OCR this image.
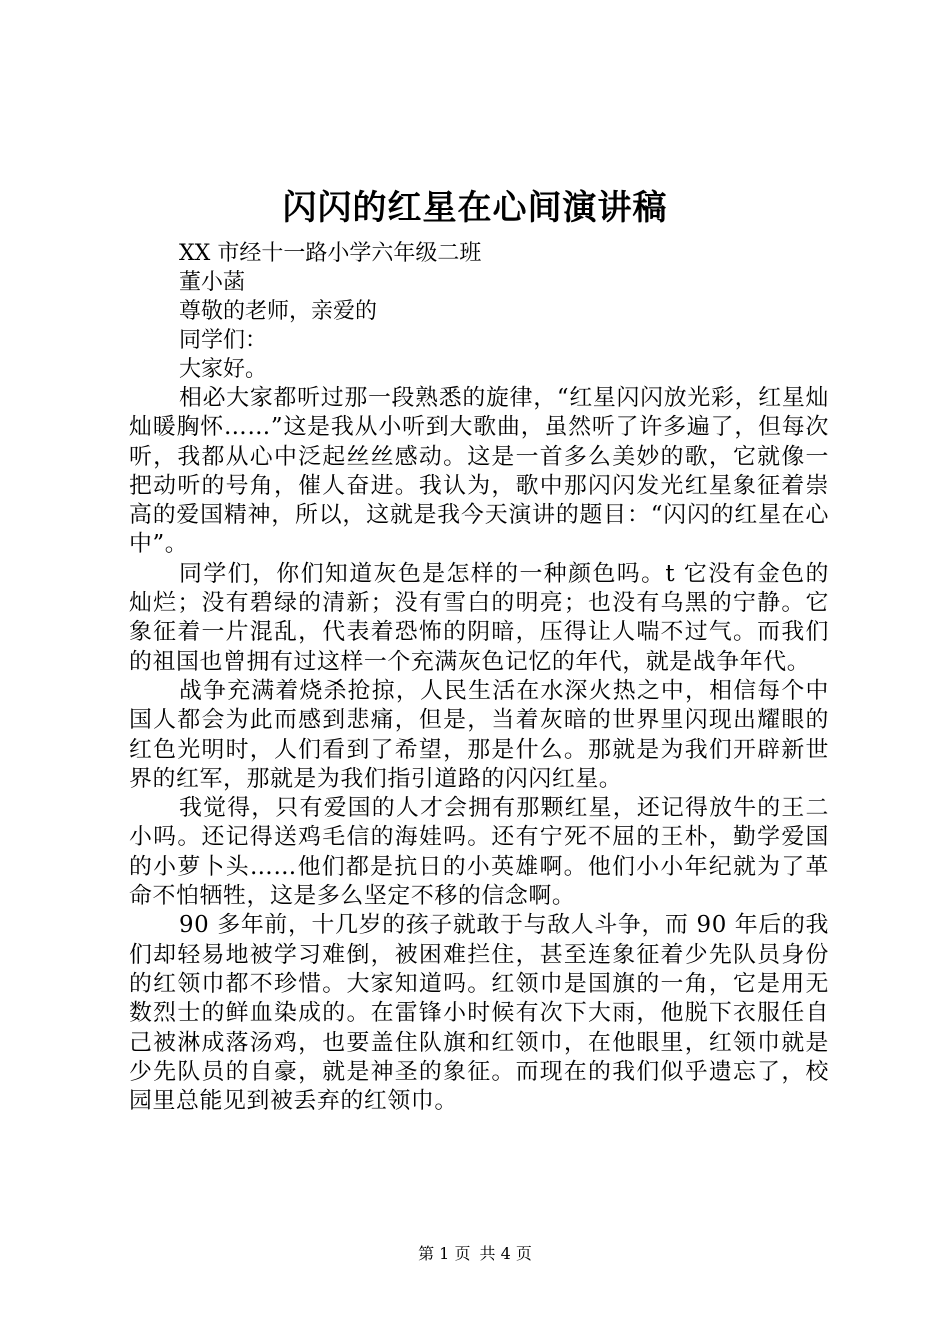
闪闪的红星在心间演讲稿
XX 市经十一路小学六年级二班
董小菡
尊敬的老师，亲爱的
同学们：
大家好。

相必大家都听过那一段熟悉的旋律，“红星闪闪放光彩，红星灿灿暖胸怀……”这是我从小听到大歌曲，虽然听了许多遍了，但每次听，我都从心中泛起丝丝感动。这是一首多么美妙的歌，它就像一把动听的号角，催人奋进。我认为，歌中那闪闪发光红星象征着崇高的爱国精神，所以，这就是我今天演讲的题目：“闪闪的红星在心中”。

同学们，你们知道灰色是怎样的一种颜色吗。t 它没有金色的灿烂；没有碧绿的清新；没有雪白的明亮；也没有乌黑的宁静。它象征着一片混乱，代表着恐怖的阴暗，压得让人喘不过气。而我们的祖国也曾拥有过这样一个充满灰色记忆的年代，就是战争年代。

战争充满着烧杀抢掠，人民生活在水深火热之中，相信每个中国人都会为此而感到悲痛，但是，当着灰暗的世界里闪现出耀眼的红色光明时，人们看到了希望，那是什么。那就是为我们开辟新世界的红军，那就是为我们指引道路的闪闪红星。

我觉得，只有爱国的人才会拥有那颗红星，还记得放牛的王二小吗。还记得送鸡毛信的海娃吗。还有宁死不屈的王朴，勤学爱国的小萝卜头……他们都是抗日的小英雄啊。他们小小年纪就为了革命不怕牺牲，这是多么坚定不移的信念啊。

90 多年前，十几岁的孩子就敢于与敌人斗争，而 90 年后的我们却轻易地被学习难倒，被困难拦住，甚至连象征着少先队员身份的红领巾都不珍惜。大家知道吗。红领巾是国旗的一角，它是用无数烈士的鲜血染成的。在雷锋小时候有次下大雨，他脱下衣服任自己被淋成落汤鸡，也要盖住队旗和红领巾，在他眼里，红领巾就是少先队员的自豪，就是神圣的象征。而现在的我们似乎遗忘了，校园里总能见到被丢弃的红领巾。

第 1 页 共 4 页
